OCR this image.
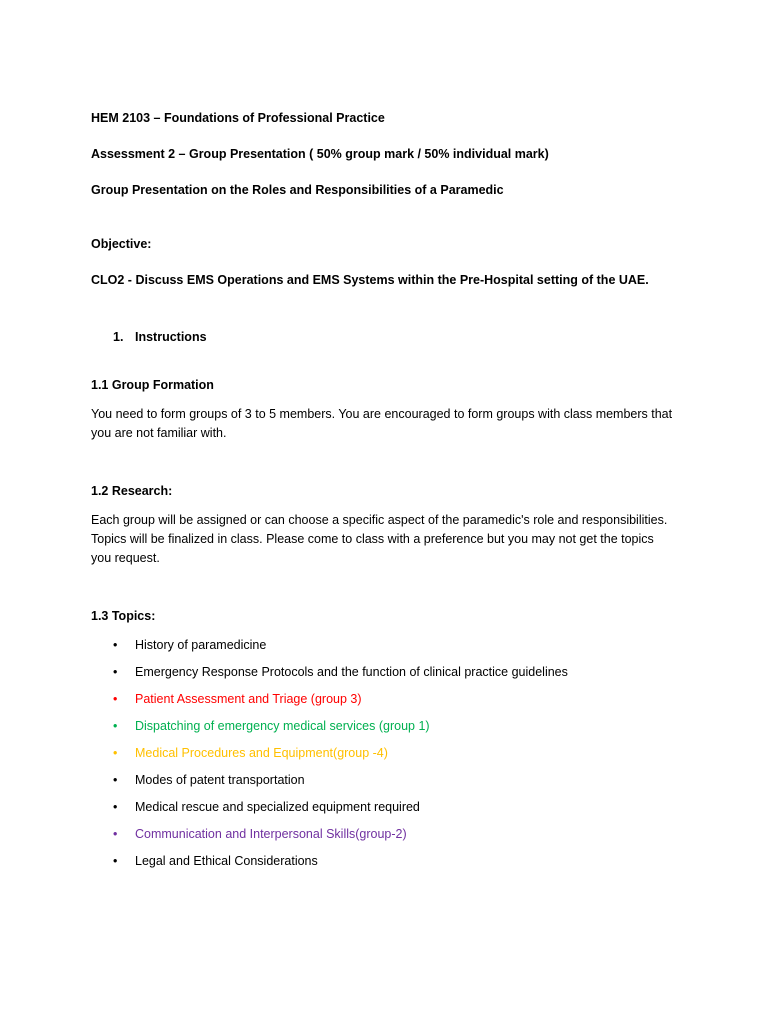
HEM 2103 – Foundations of Professional Practice
Assessment 2 – Group Presentation ( 50% group mark / 50% individual mark)
Group Presentation on the Roles and Responsibilities of a Paramedic
Objective:
CLO2 - Discuss EMS Operations and EMS Systems within the Pre-Hospital setting of the UAE.
1. Instructions
1.1 Group Formation
You need to form groups of 3 to 5 members. You are encouraged to form groups with class members that you are not familiar with.
1.2 Research:
Each group will be assigned or can choose a specific aspect of the paramedic's role and responsibilities. Topics will be finalized in class. Please come to class with a preference but you may not get the topics you request.
1.3 Topics:
•	History of paramedicine
•	Emergency Response Protocols and the function of clinical practice guidelines
•	Patient Assessment and Triage (group 3)
•	Dispatching of emergency medical services (group 1)
•	Medical Procedures and Equipment(group -4)
•	Modes of patent transportation
•	Medical rescue and specialized equipment required
•	Communication and Interpersonal Skills(group-2)
•	Legal and Ethical Considerations
